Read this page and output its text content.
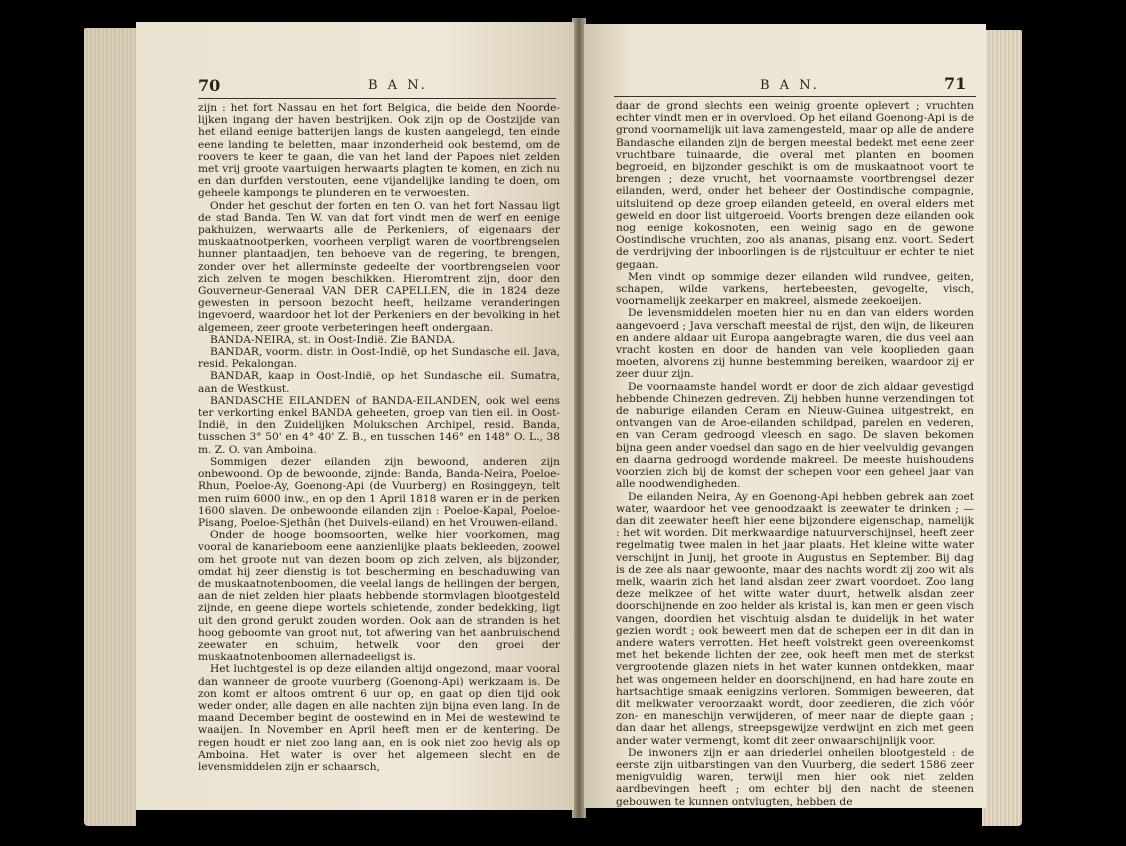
70	B A N.

zijn : het fort Nassau en het fort Belgica, die beide den Noorde-lijken ingang der haven bestrijken. Ook zijn op de Oostzijde van het eiland eenige batterijen langs de kusten aangelegd, ten einde eene landing te beletten, maar inzonderheid ook bestemd, om de roovers te keer te gaan, die van het land der Papoes niet zelden met vrij groote vaartuigen herwaarts plagten te komen, en zich nu en dan durfden verstouten, eene vijandelijke landing te doen, om geheele kampongs te plunderen en te verwoesten.

Onder het geschut der forten en ten O. van het fort Nassau ligt de stad Banda. Ten W. van dat fort vindt men de werf en eenige pakhuizen, werwaarts alle de Perkeniers, of eigenaars der muskaatnootperken, voorheen verpligt waren de voortbrengselen hunner plantaadjen, ten behoeve van de regering, te brengen, zonder over het allerminste gedeelte der voortbrengselen voor zich zelven te mogen beschikken. Hieromtrent zijn, door den Gouverneur-Generaal VAN DER CAPELLEN, die in 1824 deze gewesten in persoon bezocht heeft, heilzame veranderingen ingevoerd, waardoor het lot der Perkeniers en der bevolking in het algemeen, zeer groote verbeteringen heeft ondergaan.

BANDA-NEIRA, st. in Oost-Indië. Zie BANDA.

BANDAR, voorm. distr. in Oost-Indië, op het Sundasche eil. Java, resid. Pekalongan.

BANDAR, kaap in Oost-Indië, op het Sundasche eil. Sumatra, aan de Westkust.

BANDASCHE EILANDEN of BANDA-EILANDEN, ook wel eens ter verkorting enkel BANDA geheeten, groep van tien eil. in Oost-Indië, in den Zuidelijken Molukschen Archipel, resid. Banda, tusschen 3° 50' en 4° 40' Z. B., en tusschen 146° en 148° O. L., 38 m. Z. O. van Amboina.

Sommigen dezer eilanden zijn bewoond, anderen zijn onbewoond. Op de bewoonde, zijnde: Banda, Banda-Neira, Poeloe-Rhun, Poeloe-Ay, Goenong-Api (de Vuurberg) en Rosinggeyn, telt men ruim 6000 inw., en op den 1 April 1818 waren er in de perken 1600 slaven. De onbewoonde eilanden zijn : Poeloe-Kapal, Poeloe-Pisang, Poeloe-Sjethân (het Duivels-eiland) en het Vrouwen-eiland.

Onder de hooge boomsoorten, welke hier voorkomen, mag vooral de kanarieboom eene aanzienlijke plaats bekleeden, zoowel om het groote nut van dezen boom op zich zelven, als bijzonder, omdat hij zeer dienstig is tot bescherming en beschaduwing van de muskaatnotenboomen, die veelal langs de hellingen der bergen, aan de niet zelden hier plaats hebbende stormvlagen blootgesteld zijnde, en geene diepe wortels schietende, zonder bedekking, ligt uit den grond gerukt zouden worden. Ook aan de stranden is het hoog geboomte van groot nut, tot afwering van het aanbruischend zeewater en schuim, hetwelk voor den groei der muskaatnotenboomen allernadeeligst is.

Het luchtgestel is op deze eilanden altijd ongezond, maar vooral dan wanneer de groote vuurberg (Goenong-Api) werkzaam is. De zon komt er altoos omtrent 6 uur op, en gaat op dien tijd ook weder onder, alle dagen en alle nachten zijn bijna even lang. In de maand December begint de oostewind en in Mei de westewind te waaijen. In November en April heeft men er de kentering. De regen houdt er niet zoo lang aan, en is ook niet zoo hevig als op Amboina. Het water is over het algemeen slecht en de levensmiddelen zijn er schaarsch,

B A N.	71

daar de grond slechts een weinig groente oplevert ; vruchten echter vindt men er in overvloed. Op het eiland Goenong-Api is de grond voornamelijk uit lava zamengesteld, maar op alle de andere Bandasche eilanden zijn de bergen meestal bedekt met eene zeer vruchtbare tuinaarde, die overal met planten en boomen begroeid, en bijzonder geschikt is om de muskaatnoot voort te brengen ; deze vrucht, het voornaamste voortbrengsel dezer eilanden, werd, onder het beheer der Oostindische compagnie, uitsluitend op deze groep eilanden geteeld, en overal elders met geweld en door list uitgeroeid. Voorts brengen deze eilanden ook nog eenige kokosnoten, een weinig sago en de gewone Oostindische vruchten, zoo als ananas, pisang enz. voort. Sedert de verdrijving der inboorlingen is de rijstcultuur er echter te niet gegaan.

Men vindt op sommige dezer eilanden wild rundvee, geiten, schapen, wilde varkens, hertebeesten, gevogelte, visch, voornamelijk zeekarper en makreel, alsmede zeekoeijen.

De levensmiddelen moeten hier nu en dan van elders worden aangevoerd ; Java verschaft meestal de rijst, den wijn, de likeuren en andere aldaar uit Europa aangebragte waren, die dus veel aan vracht kosten en door de handen van vele kooplieden gaan moeten, alvorens zij hunne bestemming bereiken, waardoor zij er zeer duur zijn.

De voornaamste handel wordt er door de zich aldaar gevestigd hebbende Chinezen gedreven. Zij hebben hunne verzendingen tot de naburige eilanden Ceram en Nieuw-Guinea uitgestrekt, en ontvangen van de Aroe-eilanden schildpad, parelen en vederen, en van Ceram gedroogd vleesch en sago. De slaven bekomen bijna geen ander voedsel dan sago en de hier veelvuldig gevangen en daarna gedroogd wordende makreel. De meeste huishoudens voorzien zich bij de komst der schepen voor een geheel jaar van alle noodwendigheden.

De eilanden Neira, Ay en Goenong-Api hebben gebrek aan zoet water, waardoor het vee genoodzaakt is zeewater te drinken ; — dan dit zeewater heeft hier eene bijzondere eigenschap, namelijk : het wit worden. Dit merkwaardige natuurverschijnsel, heeft zeer regelmatig twee malen in het jaar plaats. Het kleine witte water verschijnt in Junij, het groote in Augustus en September. Bij dag is de zee als naar gewoonte, maar des nachts wordt zij zoo wit als melk, waarin zich het land alsdan zeer zwart voordoet. Zoo lang deze melkzee of het witte water duurt, hetwelk alsdan zeer doorschijnende en zoo helder als kristal is, kan men er geen visch vangen, doordien het vischtuig alsdan te duidelijk in het water gezien wordt ; ook beweert men dat de schepen eer in dit dan in andere waters verrotten. Het heeft volstrekt geen overeenkomst met het bekende lichten der zee, ook heeft men met de sterkst vergrootende glazen niets in het water kunnen ontdekken, maar het was ongemeen helder en doorschijnend, en had hare zoute en hartsachtige smaak eenigzins verloren. Sommigen beweeren, dat dit melkwater veroorzaakt wordt, door zeedieren, die zich vóór zon- en maneschijn verwijderen, of meer naar de diepte gaan ; dan daar het allengs, streepsgewijze verdwijnt en zich met geen ander water vermengt, komt dit zeer onwaarschijnlijk voor.

De inwoners zijn er aan driederlei onheilen blootgesteld : de eerste zijn uitbarstingen van den Vuurberg, die sedert 1586 zeer menigvuldig waren, terwijl men hier ook niet zelden aardbevingen heeft ; om echter bij den nacht de steenen gebouwen te kunnen ontvlugten, hebben de
